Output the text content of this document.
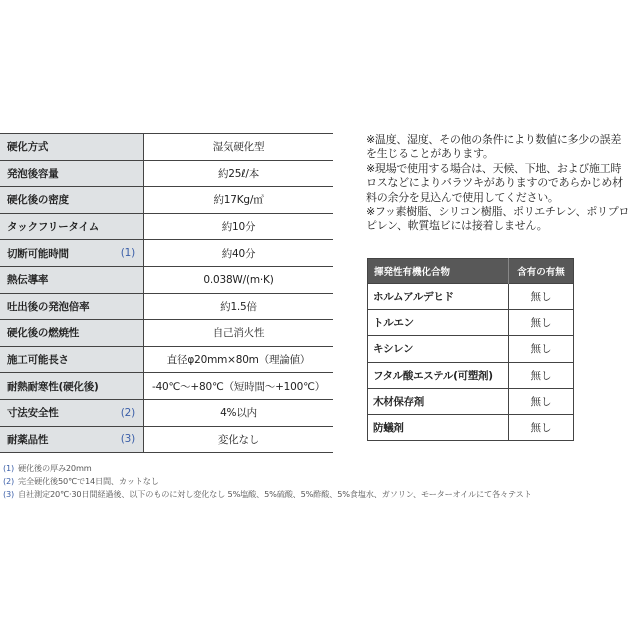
硬化方式	湿気硬化型
発泡後容量	約25ℓ/本
硬化後の密度	約17Kg/㎥
タックフリータイム	約10分
切断可能時間 (1)	約40分
熱伝導率	0.038W/(m·K)
吐出後の発泡倍率	約1.5倍
硬化後の燃焼性	自己消火性
施工可能長さ	直径φ20mm×80m（理論値）
耐熱耐寒性(硬化後)	-40℃〜+80℃（短時間〜+100℃）
寸法安全性 (2)	4%以内
耐薬品性 (3)	変化なし
※温度、湿度、その他の条件により数値に多少の誤差
を生じることがあります。
※現場で使用する場合は、天候、下地、および施工時
ロスなどによりバラツキがありますのであらかじめ材
料の余分を見込んで使用してください。
※フッ素樹脂、シリコン樹脂、ポリエチレン、ポリプロ
ピレン、軟質塩ビには接着しません。
揮発性有機化合物	含有の有無
ホルムアルデヒド	無し
トルエン	無し
キシレン	無し
フタル酸エステル(可塑剤)	無し
木材保存剤	無し
防蟻剤	無し
(1) 硬化後の厚み20mm
(2) 完全硬化後50℃で14日間、カットなし
(3) 自社測定20℃·30日間経過後、以下のものに対し変化なし 5%塩酸、5%硫酸、5%酢酸、5%食塩水、ガソリン、モーターオイルにて各々テスト
